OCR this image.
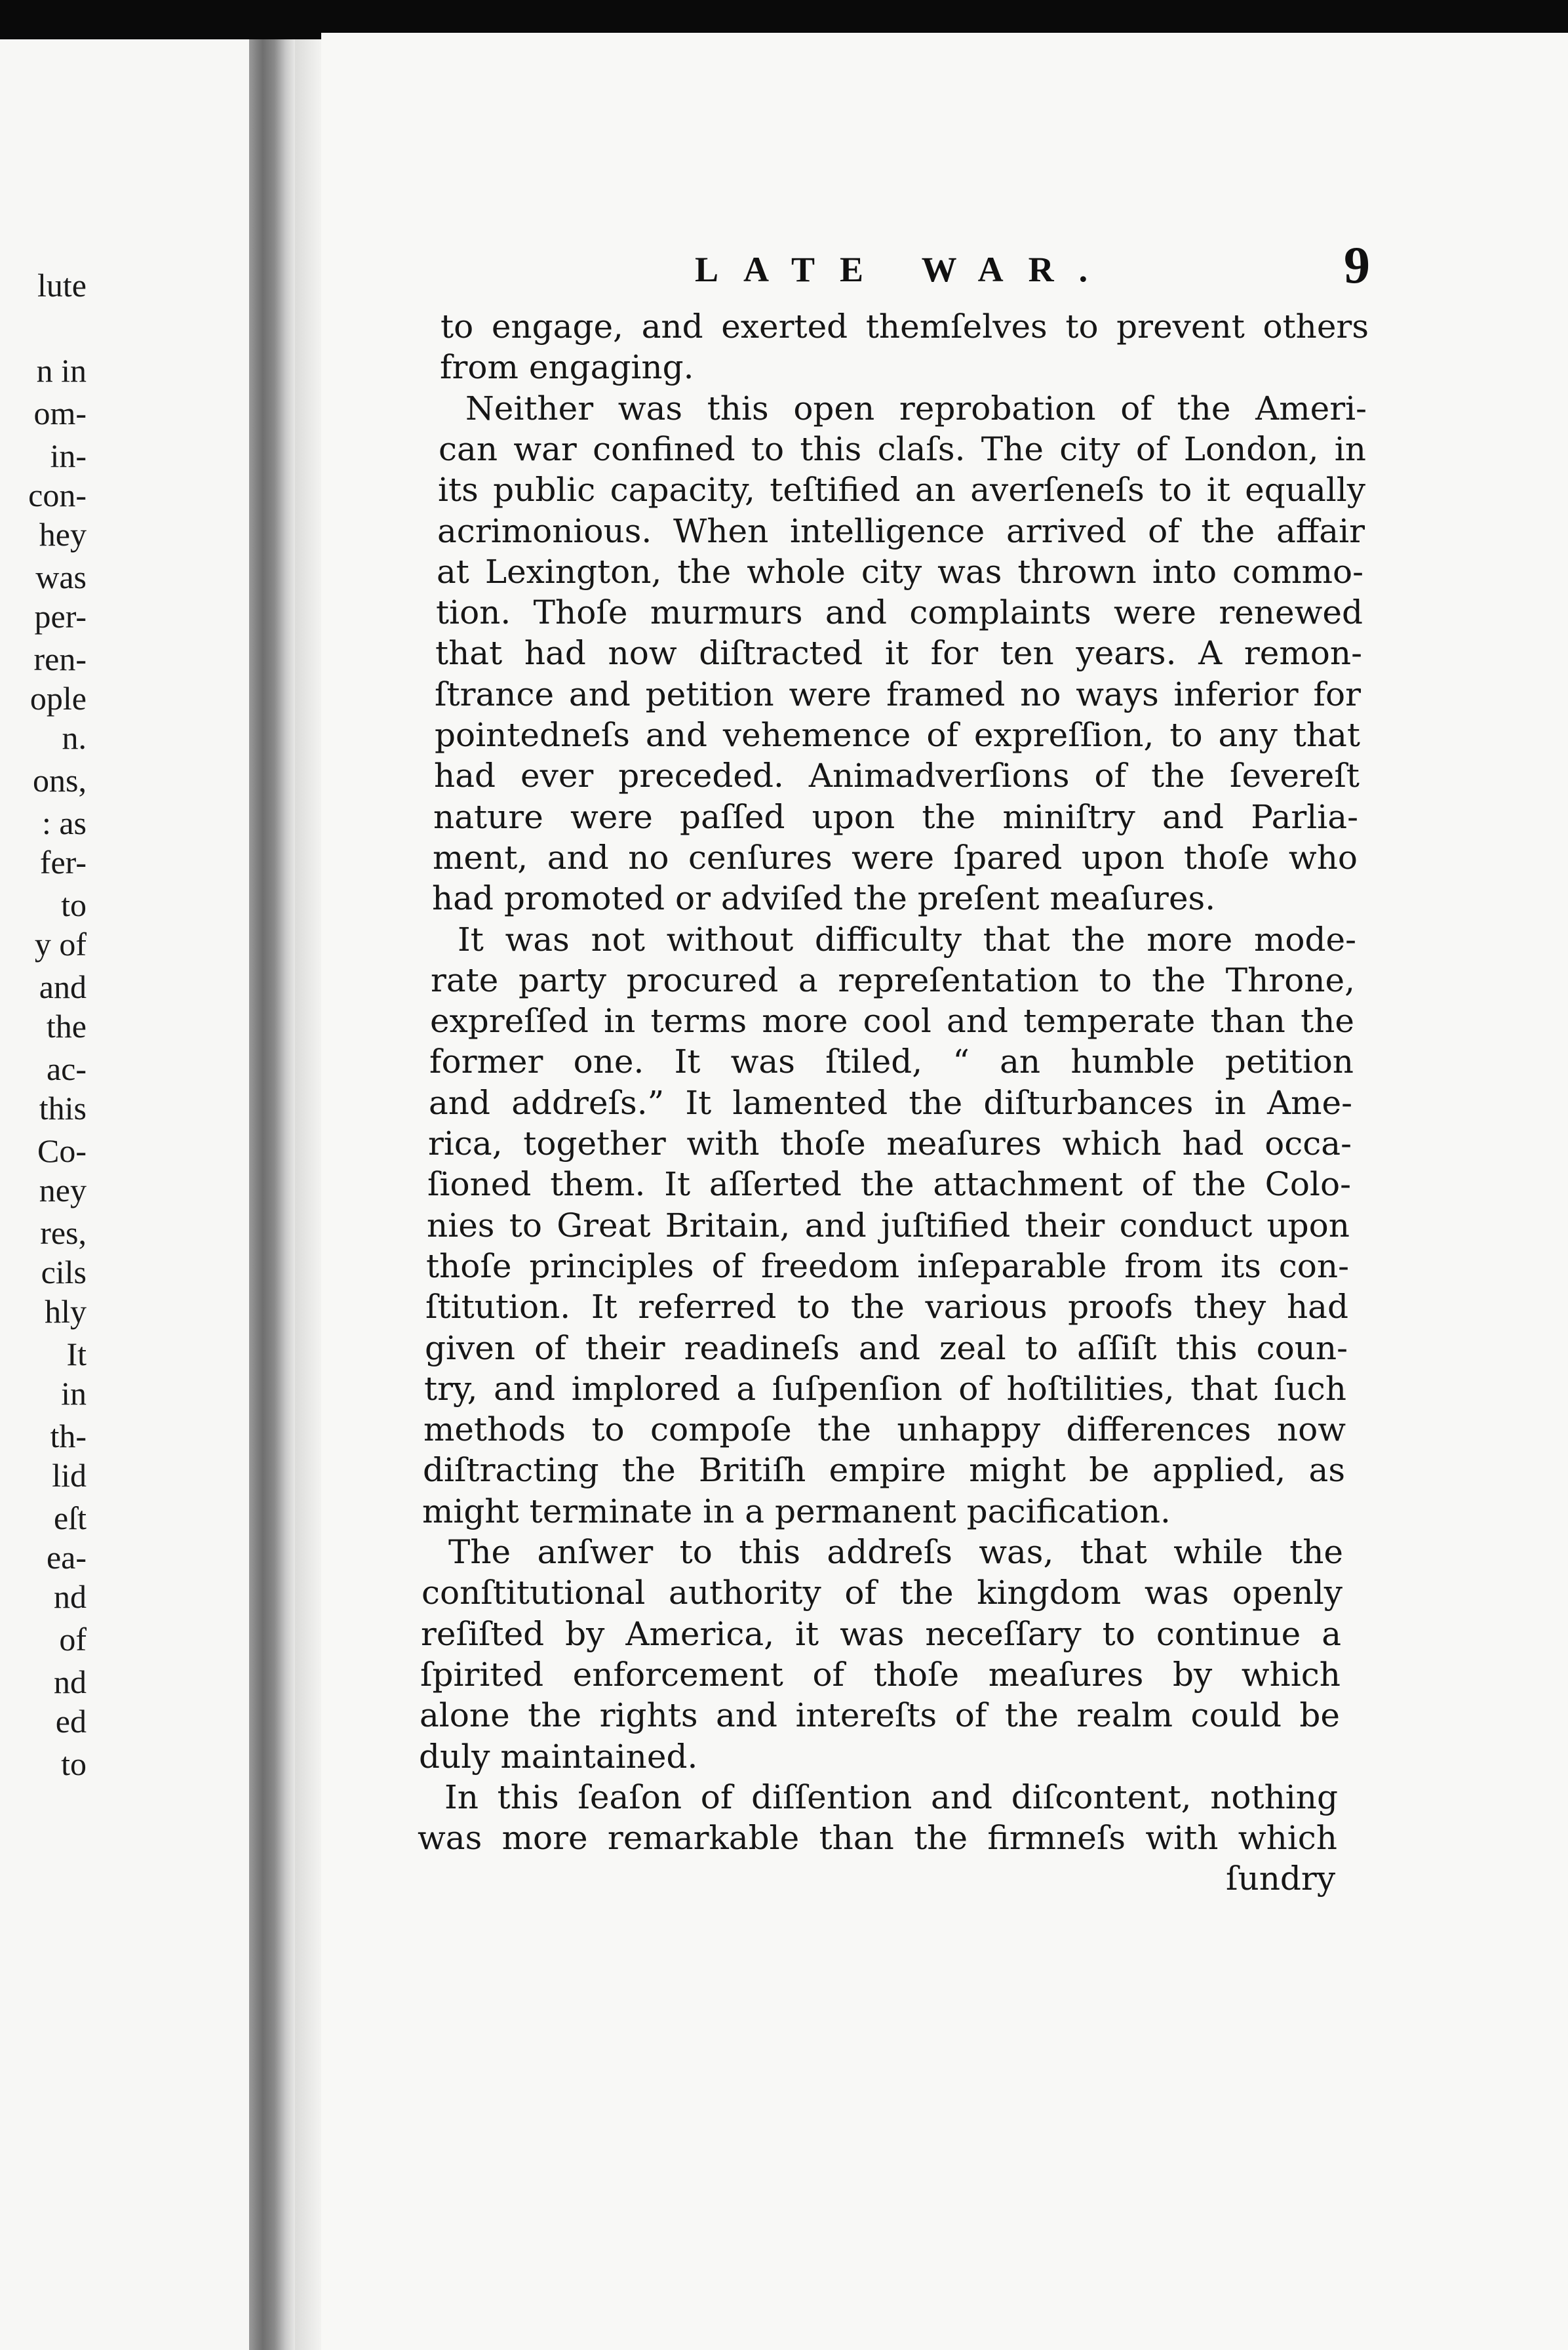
lute
n in
om-
in-
con-
hey
was
per-
ren-
ople
n.
ons,
: as
fer-
to
y of
and
the
ac-
this
Co-
ney
res,
cils
hly
It
in
th-
lid
eſt
ea-
nd
of
nd
ed
to
LATE WAR.	9
to engage, and exerted themſelves to prevent others
from engaging.
Neither was this open reprobation of the Ameri-
can war confined to this claſs. The city of London, in
its public capacity, teſtified an averſeneſs to it equally
acrimonious. When intelligence arrived of the affair
at Lexington, the whole city was thrown into commo-
tion. Thoſe murmurs and complaints were renewed
that had now diſtracted it for ten years. A remon-
ſtrance and petition were framed no ways inferior for
pointedneſs and vehemence of expreſſion, to any that
had ever preceded. Animadverſions of the ſevereſt
nature were paſſed upon the miniſtry and Parlia-
ment, and no cenſures were ſpared upon thoſe who
had promoted or adviſed the preſent meaſures.
It was not without difficulty that the more mode-
rate party procured a repreſentation to the Throne,
expreſſed in terms more cool and temperate than the
former one. It was ſtiled, “ an humble petition
and addreſs.” It lamented the diſturbances in Ame-
rica, together with thoſe meaſures which had occa-
ſioned them. It aſſerted the attachment of the Colo-
nies to Great Britain, and juſtified their conduct upon
thoſe principles of freedom inſeparable from its con-
ſtitution. It referred to the various proofs they had
given of their readineſs and zeal to aſſiſt this coun-
try, and implored a ſuſpenſion of hoſtilities, that ſuch
methods to compoſe the unhappy differences now
diſtracting the Britiſh empire might be applied, as
might terminate in a permanent pacification.
The anſwer to this addreſs was, that while the
conſtitutional authority of the kingdom was openly
reſiſted by America, it was neceſſary to continue a
ſpirited enforcement of thoſe meaſures by which
alone the rights and intereſts of the realm could be
duly maintained.
In this ſeaſon of diſſention and diſcontent, nothing
was more remarkable than the firmneſs with which
ſundry
